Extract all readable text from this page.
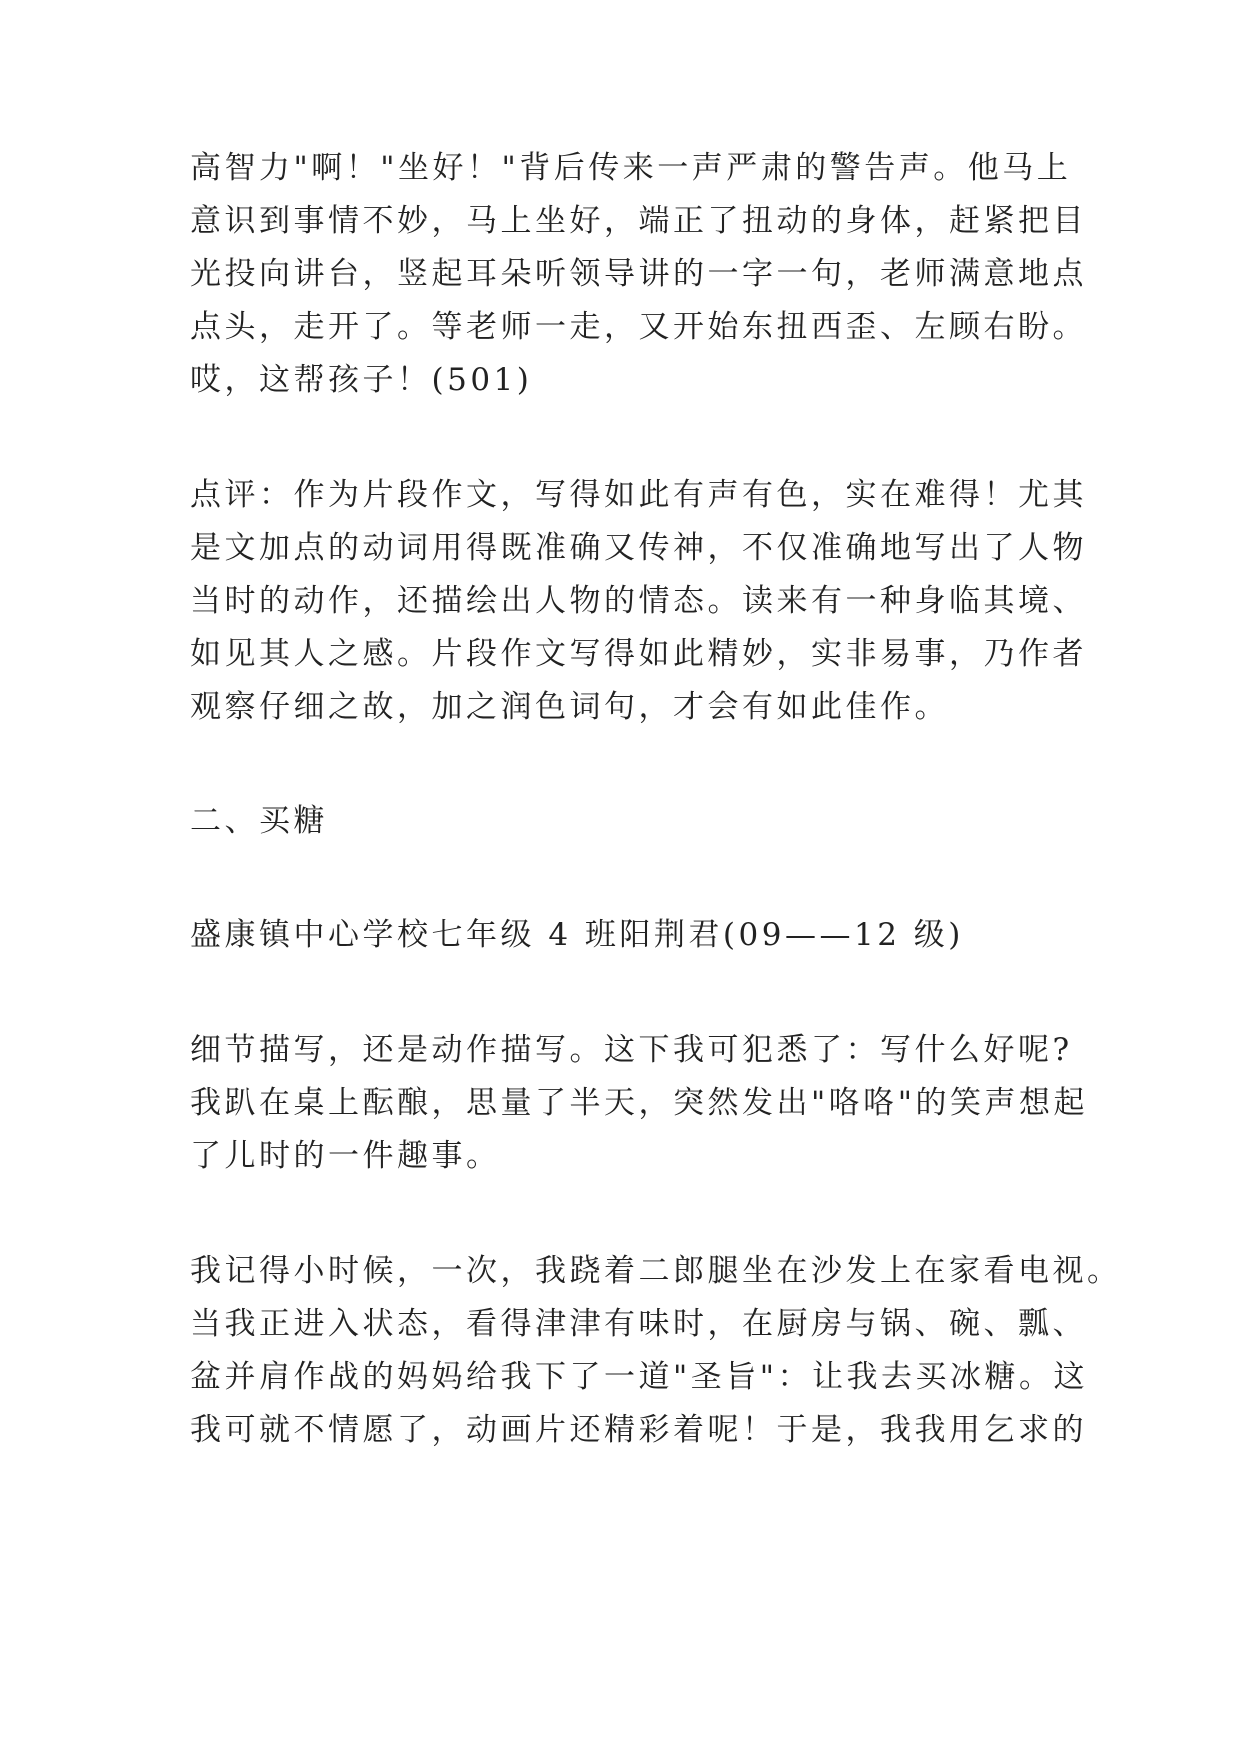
高智力"啊！"坐好！"背后传来一声严肃的警告声。他马上
意识到事情不妙，马上坐好，端正了扭动的身体，赶紧把目
光投向讲台，竖起耳朵听领导讲的一字一句，老师满意地点
点头，走开了。等老师一走，又开始东扭西歪、左顾右盼。
哎，这帮孩子！(501)
点评：作为片段作文，写得如此有声有色，实在难得！尤其
是文加点的动词用得既准确又传神，不仅准确地写出了人物
当时的动作，还描绘出人物的情态。读来有一种身临其境、
如见其人之感。片段作文写得如此精妙，实非易事，乃作者
观察仔细之故，加之润色词句，才会有如此佳作。
二、买糖
盛康镇中心学校七年级 4 班阳荆君(09——12 级)
细节描写，还是动作描写。这下我可犯悉了：写什么好呢?
我趴在桌上酝酿，思量了半天，突然发出"咯咯"的笑声想起
了儿时的一件趣事。
我记得小时候，一次，我跷着二郎腿坐在沙发上在家看电视。
当我正进入状态，看得津津有味时，在厨房与锅、碗、瓢、
盆并肩作战的妈妈给我下了一道"圣旨"：让我去买冰糖。这
我可就不情愿了，动画片还精彩着呢！于是，我我用乞求的
